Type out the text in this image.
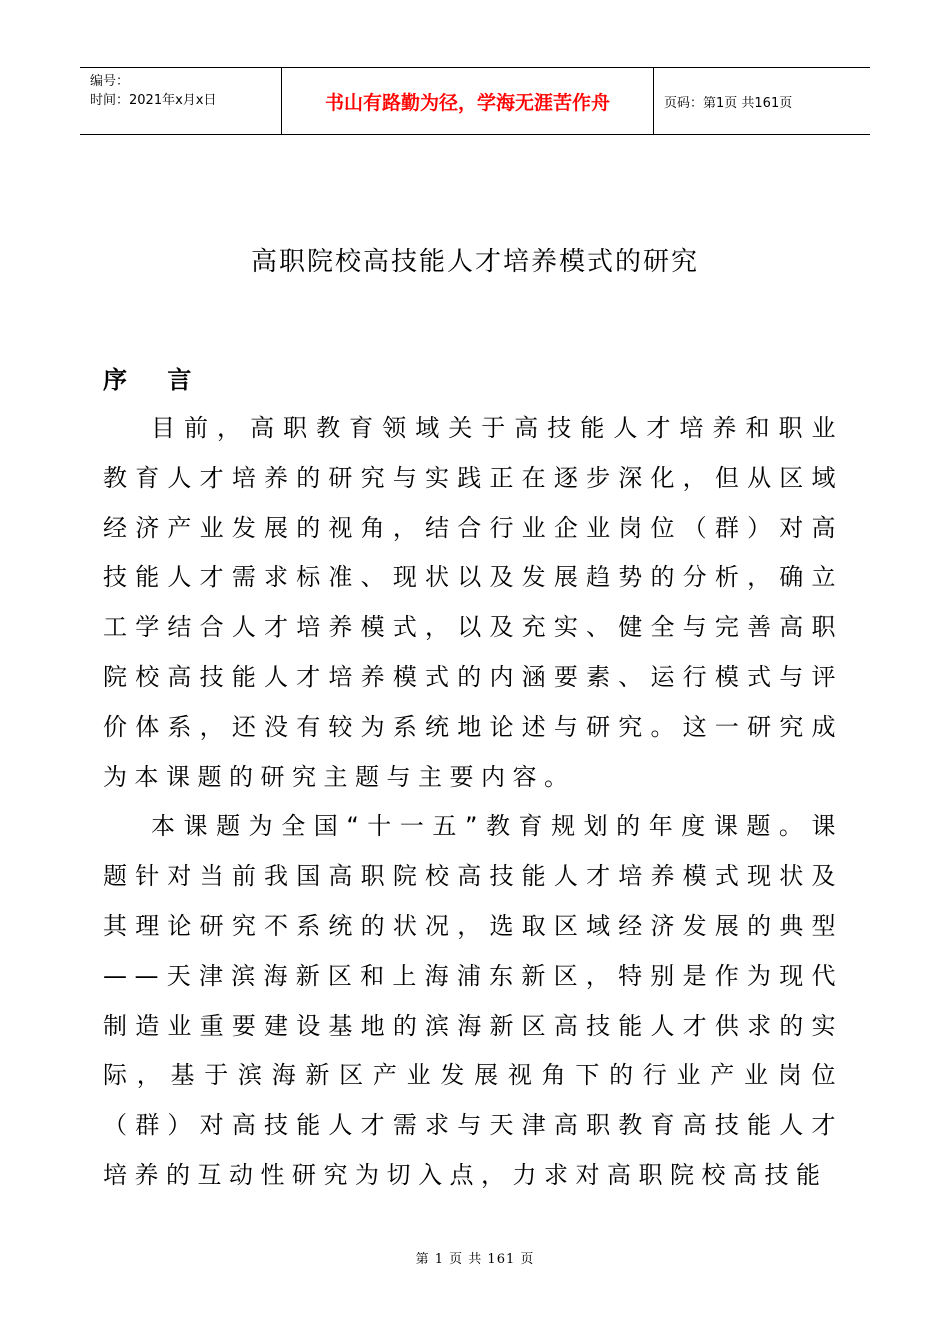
编号：
时间：2021年x月x日	书山有路勤为径，学海无涯苦作舟	页码：第1页 共161页
高职院校高技能人才培养模式的研究
序 言

目前，高职教育领域关于高技能人才培养和职业教育人才培养的研究与实践正在逐步深化，但从区域经济产业发展的视角，结合行业企业岗位（群）对高技能人才需求标准、现状以及发展趋势的分析，确立工学结合人才培养模式，以及充实、健全与完善高职院校高技能人才培养模式的内涵要素、运行模式与评价体系，还没有较为系统地论述与研究。这一研究成为本课题的研究主题与主要内容。

本课题为全国“十一五”教育规划的年度课题。课题针对当前我国高职院校高技能人才培养模式现状及其理论研究不系统的状况，选取区域经济发展的典型——天津滨海新区和上海浦东新区，特别是作为现代制造业重要建设基地的滨海新区高技能人才供求的实际，基于滨海新区产业发展视角下的行业产业岗位（群）对高技能人才需求与天津高职教育高技能人才培养的互动性研究为切入点，力求对高职院校高技能

第 1 页 共 161 页
